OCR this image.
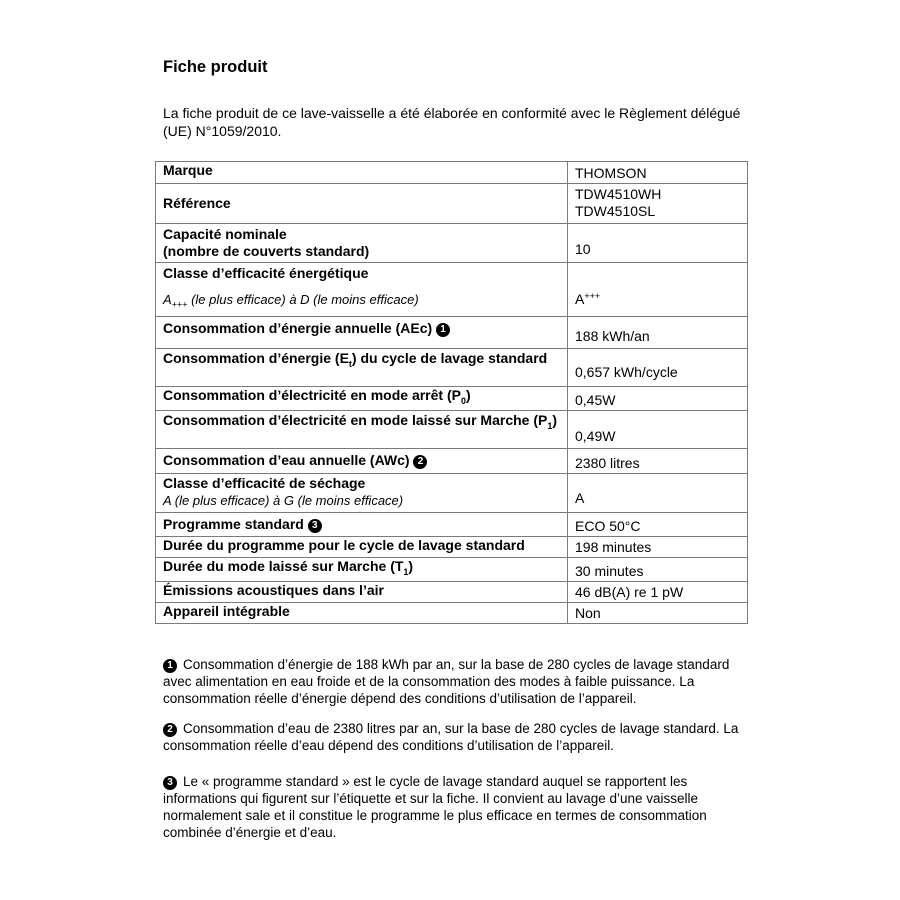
Fiche produit
La fiche produit de ce lave-vaisselle a été élaborée en conformité avec le Règlement délégué (UE) N°1059/2010.
Marque	THOMSON
Référence	TDW4510WH
TDW4510SL

Capacité nominale
(nombre de couverts standard)	10

Classe d’efficacité énergétique
$A_{+++}$ (le plus efficace) à D (le moins efficace)	A+++
Consommation d’énergie annuelle (AEc) 1	188 kWh/an
Consommation d’énergie $(E_t)$ du cycle de lavage standard	0,657 kWh/cycle
Consommation d’électricité en mode arrêt $(P_0)$	0,45W
Consommation d’électricité en mode laissé sur Marche $(P_1)$	0,49W
Consommation d’eau annuelle (AWc) 2	2380 litres

Classe d’efficacité de séchage
A (le plus efficace) à G (le moins efficace)	A
Programme standard 3	ECO 50°C
Durée du programme pour le cycle de lavage standard	198 minutes
Durée du mode laissé sur Marche $(T_1)$	30 minutes
Émissions acoustiques dans l’air	46 dB(A) re 1 pW
Appareil intégrable	Non
1 Consommation d’énergie de 188 kWh par an, sur la base de 280 cycles de lavage standard avec alimentation en eau froide et de la consommation des modes à faible puissance. La consommation réelle d’énergie dépend des conditions d’utilisation de l’appareil.
2 Consommation d’eau de 2380 litres par an, sur la base de 280 cycles de lavage standard. La consommation réelle d’eau dépend des conditions d’utilisation de l’appareil.
3 Le « programme standard » est le cycle de lavage standard auquel se rapportent les informations qui figurent sur l’étiquette et sur la fiche. Il convient au lavage d’une vaisselle normalement sale et il constitue le programme le plus efficace en termes de consommation combinée d’énergie et d’eau.
